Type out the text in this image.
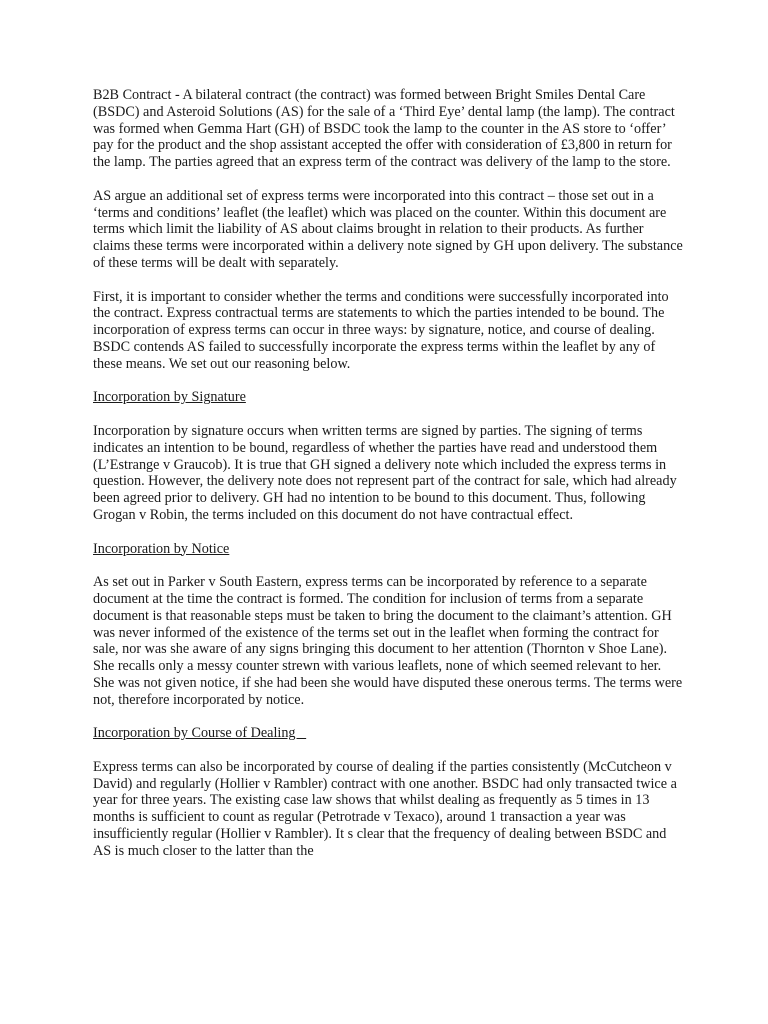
B2B Contract - A bilateral contract (the contract) was formed between Bright Smiles Dental Care (BSDC) and Asteroid Solutions (AS) for the sale of a ‘Third Eye’ dental lamp (the lamp). The contract was formed when Gemma Hart (GH) of BSDC took the lamp to the counter in the AS store to ‘offer’ pay for the product and the shop assistant accepted the offer with consideration of £3,800 in return for the lamp. The parties agreed that an express term of the contract was delivery of the lamp to the store.

AS argue an additional set of express terms were incorporated into this contract – those set out in a ‘terms and conditions’ leaflet (the leaflet) which was placed on the counter. Within this document are terms which limit the liability of AS about claims brought in relation to their products. As further claims these terms were incorporated within a delivery note signed by GH upon delivery. The substance of these terms will be dealt with separately.

First, it is important to consider whether the terms and conditions were successfully incorporated into the contract. Express contractual terms are statements to which the parties intended to be bound. The incorporation of express terms can occur in three ways: by signature, notice, and course of dealing. BSDC contends AS failed to successfully incorporate the express terms within the leaflet by any of these means. We set out our reasoning below.

Incorporation by Signature

Incorporation by signature occurs when written terms are signed by parties. The signing of terms indicates an intention to be bound, regardless of whether the parties have read and understood them (L’Estrange v Graucob). It is true that GH signed a delivery note which included the express terms in question. However, the delivery note does not represent part of the contract for sale, which had already been agreed prior to delivery. GH had no intention to be bound to this document. Thus, following Grogan v Robin, the terms included on this document do not have contractual effect.

Incorporation by Notice

As set out in Parker v South Eastern, express terms can be incorporated by reference to a separate document at the time the contract is formed. The condition for inclusion of terms from a separate document is that reasonable steps must be taken to bring the document to the claimant’s attention. GH was never informed of the existence of the terms set out in the leaflet when forming the contract for sale, nor was she aware of any signs bringing this document to her attention (Thornton v Shoe Lane). She recalls only a messy counter strewn with various leaflets, none of which seemed relevant to her. She was not given notice, if she had been she would have disputed these onerous terms. The terms were not, therefore incorporated by notice.

Incorporation by Course of Dealing

Express terms can also be incorporated by course of dealing if the parties consistently (McCutcheon v David) and regularly (Hollier v Rambler) contract with one another. BSDC had only transacted twice a year for three years. The existing case law shows that whilst dealing as frequently as 5 times in 13 months is sufficient to count as regular (Petrotrade v Texaco), around 1 transaction a year was insufficiently regular (Hollier v Rambler). It s clear that the frequency of dealing between BSDC and AS is much closer to the latter than the
